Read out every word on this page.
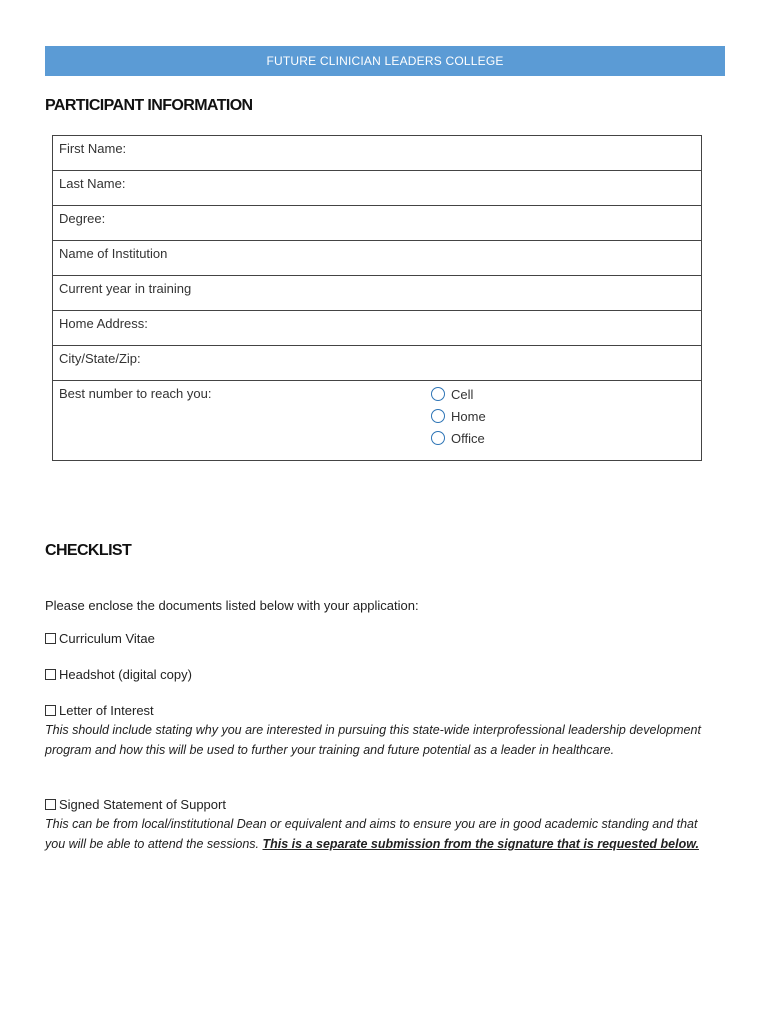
FUTURE CLINICIAN LEADERS COLLEGE
PARTICIPANT INFORMATION
First Name:
Last Name:
Degree:
Name of Institution
Current year in training
Home Address:
City/State/Zip:
Best number to reach you:	Cell
Home
Office
CHECKLIST
Please enclose the documents listed below with your application:
Curriculum Vitae
Headshot (digital copy)
Letter of Interest
This should include stating why you are interested in pursuing this state-wide interprofessional leadership development program and how this will be used to further your training and future potential as a leader in healthcare.
Signed Statement of Support
This can be from local/institutional Dean or equivalent and aims to ensure you are in good academic standing and that you will be able to attend the sessions. This is a separate submission from the signature that is requested below.
